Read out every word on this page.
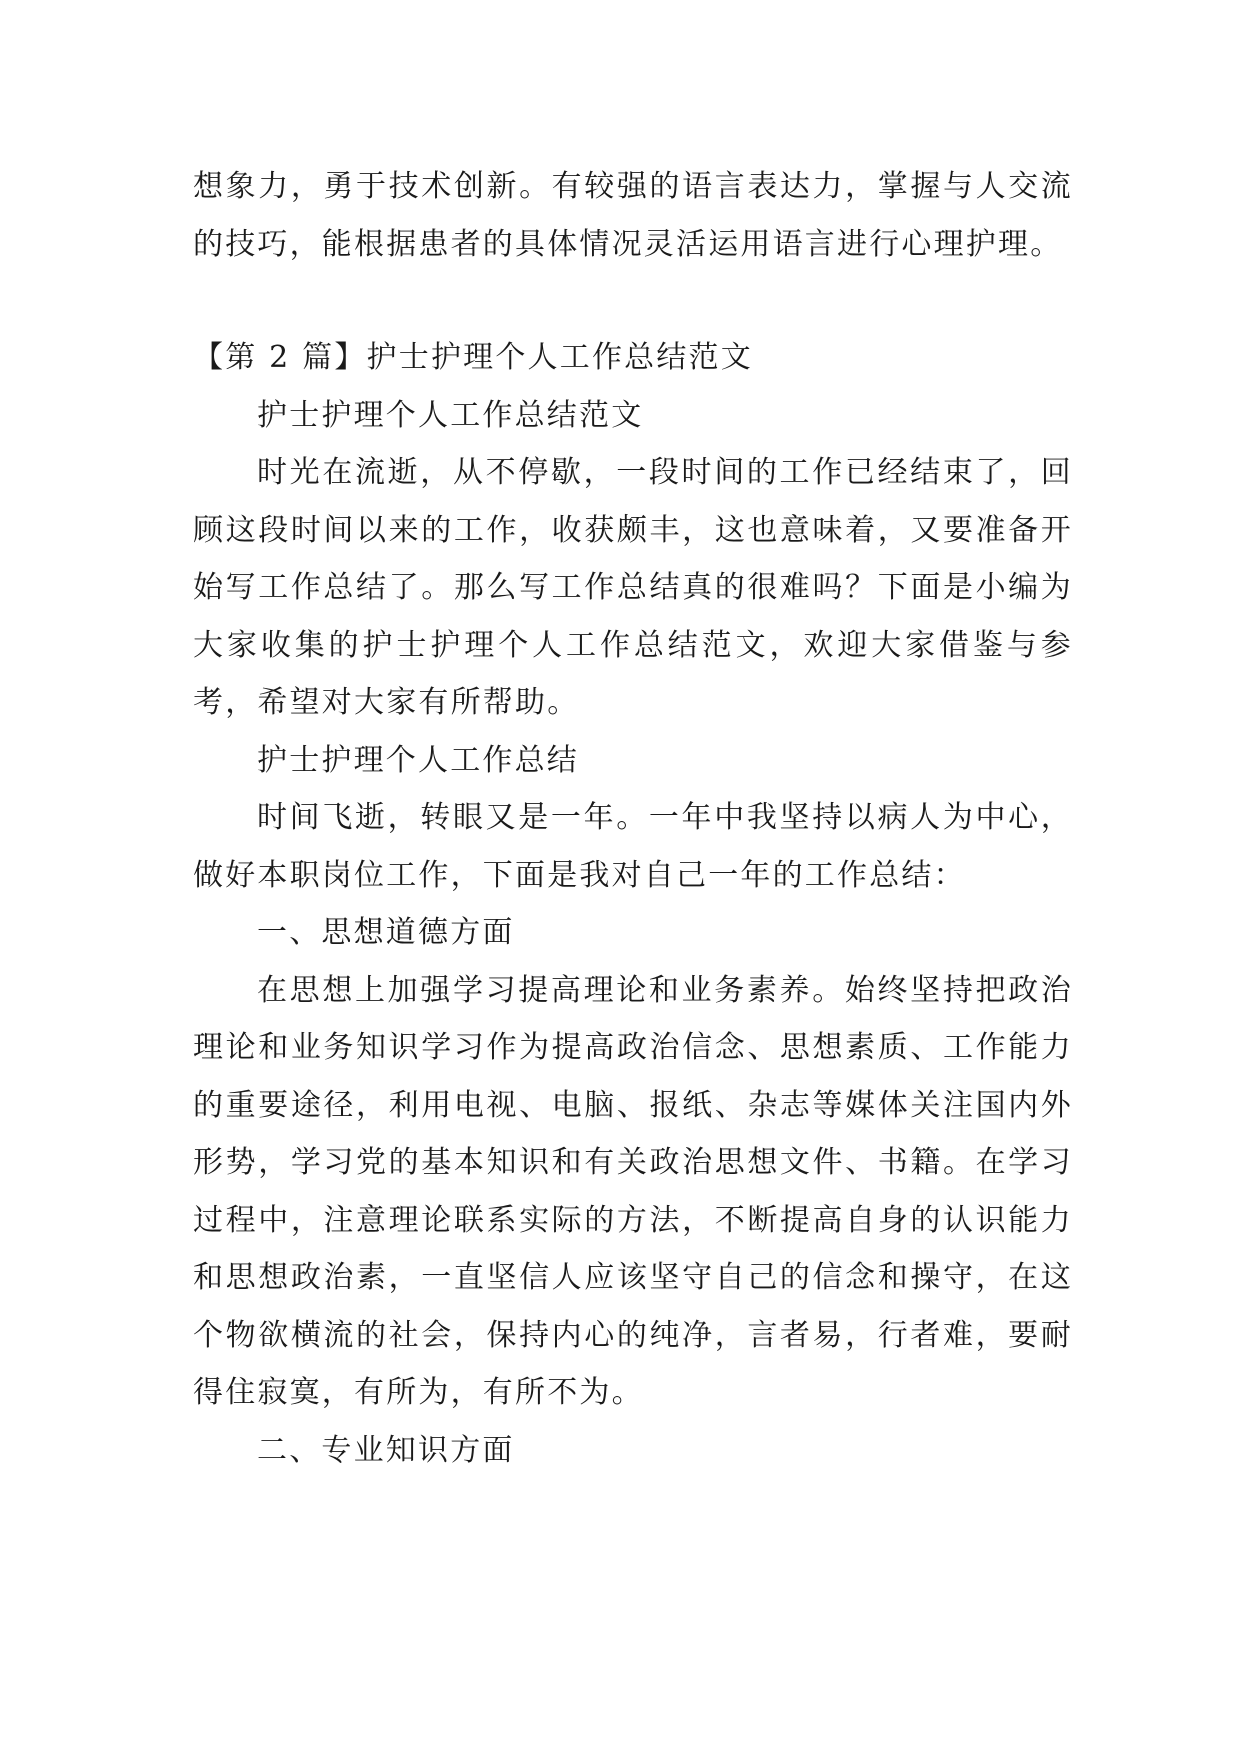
想象力，勇于技术创新。有较强的语言表达力，掌握与人交流的技巧，能根据患者的具体情况灵活运用语言进行心理护理。

【第 2 篇】护士护理个人工作总结范文

护士护理个人工作总结范文

时光在流逝，从不停歇，一段时间的工作已经结束了，回顾这段时间以来的工作，收获颇丰，这也意味着，又要准备开始写工作总结了。那么写工作总结真的很难吗？下面是小编为大家收集的护士护理个人工作总结范文，欢迎大家借鉴与参考，希望对大家有所帮助。

护士护理个人工作总结

时间飞逝，转眼又是一年。一年中我坚持以病人为中心，做好本职岗位工作，下面是我对自己一年的工作总结：

一、思想道德方面

在思想上加强学习提高理论和业务素养。始终坚持把政治理论和业务知识学习作为提高政治信念、思想素质、工作能力的重要途径，利用电视、电脑、报纸、杂志等媒体关注国内外形势，学习党的基本知识和有关政治思想文件、书籍。在学习过程中，注意理论联系实际的方法，不断提高自身的认识能力和思想政治素，一直坚信人应该坚守自己的信念和操守，在这个物欲横流的社会，保持内心的纯净，言者易，行者难，要耐得住寂寞，有所为，有所不为。

二、专业知识方面
